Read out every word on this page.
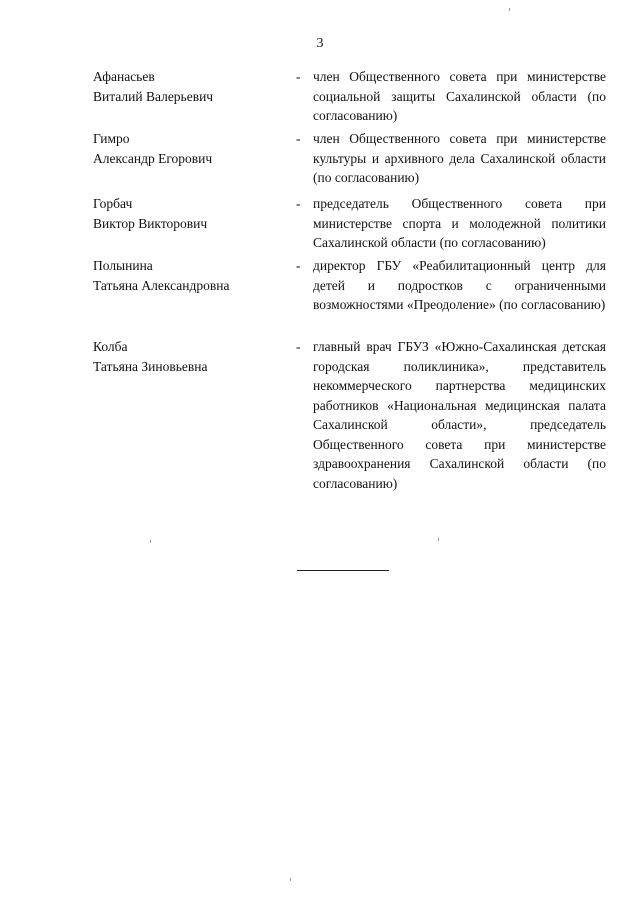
3
Афанасьев
Виталий Валерьевич
- член Общественного совета при министерстве социальной защиты Сахалинской области (по согласованию)

Гимро
Александр Егорович
- член Общественного совета при министерстве культуры и архивного дела Сахалинской области (по согласованию)

Горбач
Виктор Викторович
- председатель Общественного совета при министерстве спорта и молодежной политики Сахалинской области (по согласованию)

Полынина
Татьяна Александровна
- директор ГБУ «Реабилитационный центр для детей и подростков с ограниченными возможностями «Преодоление» (по согласованию)

Колба
Татьяна Зиновьевна
- главный врач ГБУЗ «Южно-Сахалинская детская городская поликлиника», представитель некоммерческого партнерства медицинских работников «Национальная медицинская палата Сахалинской области», председатель Общественного совета при министерстве здравоохранения Сахалинской области (по согласованию)
